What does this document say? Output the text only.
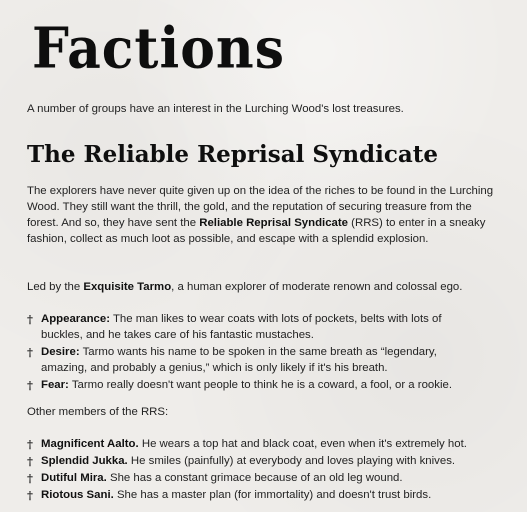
Factions

A number of groups have an interest in the Lurching Wood's lost treasures.

The Reliable Reprisal Syndicate

The explorers have never quite given up on the idea of the riches to be found in the Lurching Wood. They still want the thrill, the gold, and the reputation of securing treasure from the forest. And so, they have sent the Reliable Reprisal Syndicate (RRS) to enter in a sneaky fashion, collect as much loot as possible, and escape with a splendid explosion.

Led by the Exquisite Tarmo, a human explorer of moderate renown and colossal ego.

† Appearance: The man likes to wear coats with lots of pockets, belts with lots of buckles, and he takes care of his fantastic mustaches.
† Desire: Tarmo wants his name to be spoken in the same breath as “legendary, amazing, and probably a genius,” which is only likely if it's his breath.
† Fear: Tarmo really doesn't want people to think he is a coward, a fool, or a rookie.

Other members of the RRS:

† Magnificent Aalto. He wears a top hat and black coat, even when it's extremely hot.
† Splendid Jukka. He smiles (painfully) at everybody and loves playing with knives.
† Dutiful Mira. She has a constant grimace because of an old leg wound.
† Riotous Sani. She has a master plan (for immortality) and doesn't trust birds.
